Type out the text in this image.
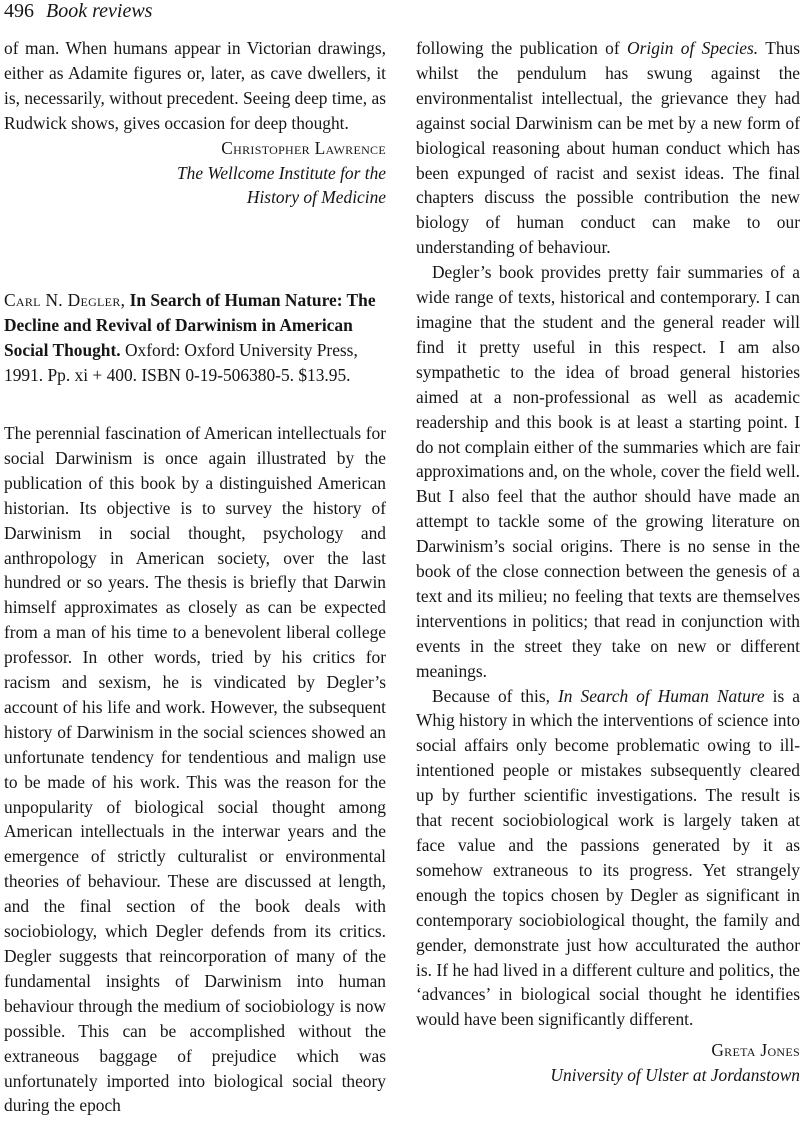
496 Book reviews

of man. When humans appear in Victorian drawings, either as Adamite figures or, later, as cave dwellers, it is, necessarily, without precedent. Seeing deep time, as Rudwick shows, gives occasion for deep thought.

Christopher Lawrence
The Wellcome Institute for the
History of Medicine

Carl N. Degler, In Search of Human Nature: The Decline and Revival of Darwinism in American Social Thought. Oxford: Oxford University Press, 1991. Pp. xi + 400. ISBN 0-19-506380-5. $13.95.

The perennial fascination of American intellectuals for social Darwinism is once again illustrated by the publication of this book by a distinguished American historian. Its objective is to survey the history of Darwinism in social thought, psychology and anthropology in American society, over the last hundred or so years. The thesis is briefly that Darwin himself approximates as closely as can be expected from a man of his time to a benevolent liberal college professor. In other words, tried by his critics for racism and sexism, he is vindicated by Degler’s account of his life and work. However, the subsequent history of Darwinism in the social sciences showed an unfortunate tendency for tendentious and malign use to be made of his work. This was the reason for the unpopularity of biological social thought among American intellectuals in the interwar years and the emergence of strictly culturalist or environmental theories of behaviour. These are discussed at length, and the final section of the book deals with sociobiology, which Degler defends from its critics. Degler suggests that reincorporation of many of the fundamental insights of Darwinism into human behaviour through the medium of sociobiology is now possible. This can be accomplished without the extraneous baggage of prejudice which was unfortunately imported into biological social theory during the epoch

following the publication of Origin of Species. Thus whilst the pendulum has swung against the environmentalist intellectual, the grievance they had against social Darwinism can be met by a new form of biological reasoning about human conduct which has been expunged of racist and sexist ideas. The final chapters discuss the possible contribution the new biology of human conduct can make to our understanding of behaviour.

Degler’s book provides pretty fair summaries of a wide range of texts, historical and contemporary. I can imagine that the student and the general reader will find it pretty useful in this respect. I am also sympathetic to the idea of broad general histories aimed at a non-professional as well as academic readership and this book is at least a starting point. I do not complain either of the summaries which are fair approximations and, on the whole, cover the field well. But I also feel that the author should have made an attempt to tackle some of the growing literature on Darwinism’s social origins. There is no sense in the book of the close connection between the genesis of a text and its milieu; no feeling that texts are themselves interventions in politics; that read in conjunction with events in the street they take on new or different meanings.

Because of this, In Search of Human Nature is a Whig history in which the interventions of science into social affairs only become problematic owing to ill-intentioned people or mistakes subsequently cleared up by further scientific investigations. The result is that recent sociobiological work is largely taken at face value and the passions generated by it as somehow extraneous to its progress. Yet strangely enough the topics chosen by Degler as significant in contemporary sociobiological thought, the family and gender, demonstrate just how acculturated the author is. If he had lived in a different culture and politics, the ‘advances’ in biological social thought he identifies would have been significantly different.

Greta Jones
University of Ulster at Jordanstown
